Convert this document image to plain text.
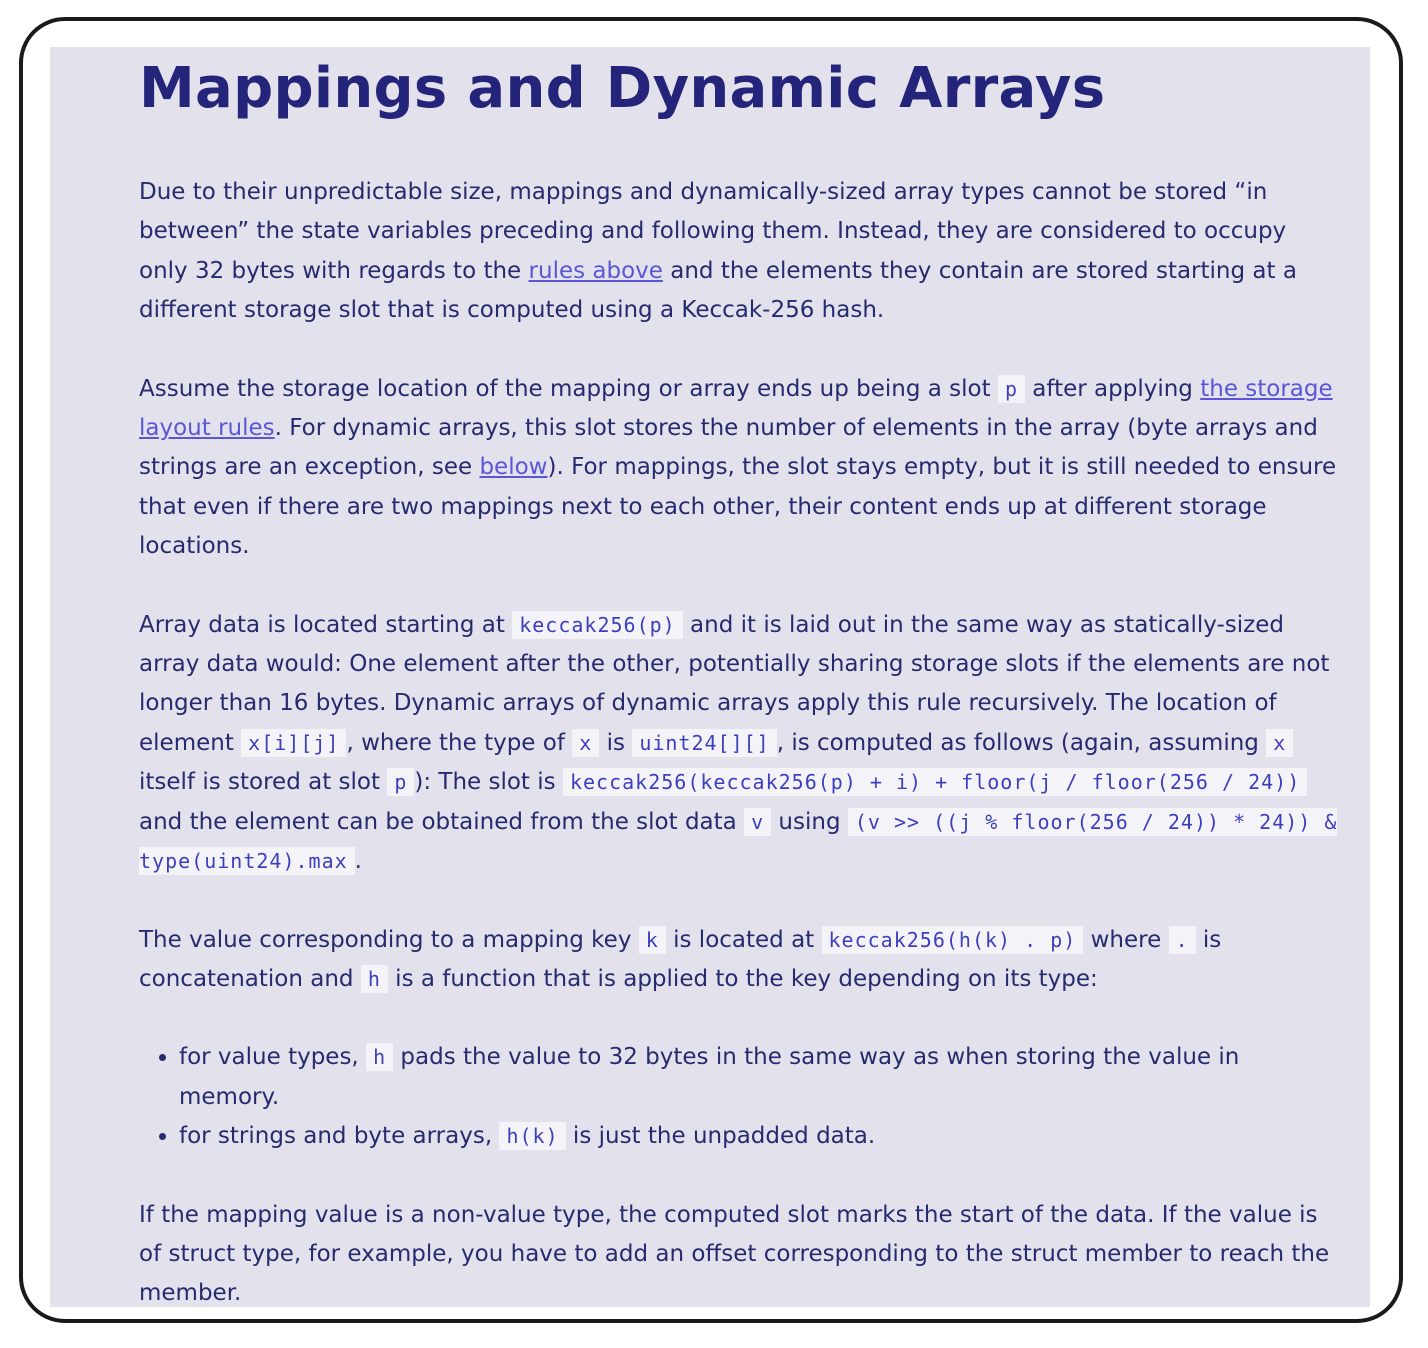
Mappings and Dynamic Arrays

Due to their unpredictable size, mappings and dynamically-sized array types cannot be stored “in between” the state variables preceding and following them. Instead, they are considered to occupy only 32 bytes with regards to the rules above and the elements they contain are stored starting at a different storage slot that is computed using a Keccak-256 hash.

Assume the storage location of the mapping or array ends up being a slot p after applying the storage layout rules. For dynamic arrays, this slot stores the number of elements in the array (byte arrays and strings are an exception, see below). For mappings, the slot stays empty, but it is still needed to ensure that even if there are two mappings next to each other, their content ends up at different storage locations.

Array data is located starting at keccak256(p) and it is laid out in the same way as statically-sized array data would: One element after the other, potentially sharing storage slots if the elements are not longer than 16 bytes. Dynamic arrays of dynamic arrays apply this rule recursively. The location of element x[i][j] , where the type of x is uint24[][] , is computed as follows (again, assuming x itself is stored at slot p ): The slot is keccak256(keccak256(p) + i) + floor(j / floor(256 / 24)) and the element can be obtained from the slot data v using (v >> ((j % floor(256 / 24)) * 24)) & type(uint24).max .

The value corresponding to a mapping key k is located at keccak256(h(k) . p) where . is concatenation and h is a function that is applied to the key depending on its type:

• for value types, h pads the value to 32 bytes in the same way as when storing the value in memory.
• for strings and byte arrays, h(k) is just the unpadded data.

If the mapping value is a non-value type, the computed slot marks the start of the data. If the value is of struct type, for example, you have to add an offset corresponding to the struct member to reach the member.
